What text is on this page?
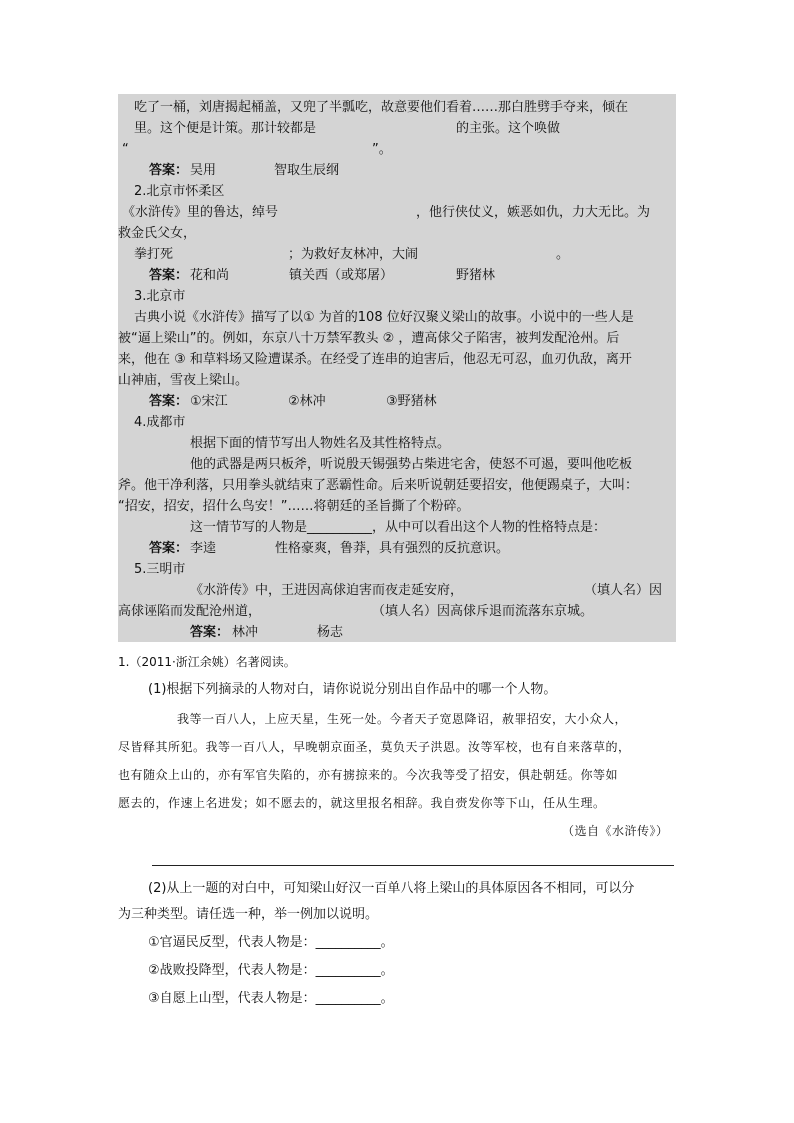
吃了一桶，刘唐揭起桶盖，又兜了半瓢吃，故意要他们看着……那白胜劈手夺来，倾在
里。这个便是计策。那计较都是	的主张。这个唤做
“	”。
答案： 吴用	智取生辰纲
2.北京市怀柔区
《水浒传》里的鲁达，绰号	，他行侠仗义，嫉恶如仇，力大无比。为
救金氏父女，
拳打死	；为救好友林冲，大闹	。
答案： 花和尚	镇关西（或郑屠）	野猪林
3.北京市
古典小说《水浒传》描写了以① 为首的108 位好汉聚义梁山的故事。小说中的一些人是
被“逼上梁山”的。例如，东京八十万禁军教头 ② ，遭高俅父子陷害，被判发配沧州。后
来，他在 ③ 和草料场又险遭谋杀。在经受了连串的迫害后，他忍无可忍，血刃仇敌，离开
山神庙，雪夜上梁山。
答案： ①宋江	②林冲	③野猪林
4.成都市
根据下面的情节写出人物姓名及其性格特点。
他的武器是两只板斧，听说殷天锡强势占柴进宅舍，使怒不可遏，要叫他吃板
斧。他干净利落，只用拳头就结束了恶霸性命。后来听说朝廷要招安，他便踢桌子，大叫：
“招安，招安，招什么鸟安！”……将朝廷的圣旨撕了个粉碎。
这一情节写的人物是__________，从中可以看出这个人物的性格特点是：
答案： 李逵	性格豪爽，鲁莽，具有强烈的反抗意识。
5.三明市
《水浒传》中，王进因高俅迫害而夜走延安府，	（填人名）因
高俅诬陷而发配沧州道，	（填人名）因高俅斥退而流落东京城。
答案： 林冲	杨志
1.（2011·浙江余姚）名著阅读。
(1)根据下列摘录的人物对白，请你说说分别出自作品中的哪一个人物。
我等一百八人，上应天星，生死一处。今者天子宽恩降诏，赦罪招安，大小众人，
尽皆释其所犯。我等一百八人，早晚朝京面圣，莫负天子洪恩。汝等军校，也有自来落草的，
也有随众上山的，亦有军官失陷的，亦有掳掠来的。今次我等受了招安，俱赴朝廷。你等如
愿去的，作速上名进发；如不愿去的，就这里报名相辞。我自赍发你等下山，任从生理。
（选自《水浒传》）
(2)从上一题的对白中，可知梁山好汉一百单八将上梁山的具体原因各不相同，可以分
为三种类型。请任选一种，举一例加以说明。
①官逼民反型，代表人物是：__________。
②战败投降型，代表人物是：__________。
③自愿上山型，代表人物是：__________。
